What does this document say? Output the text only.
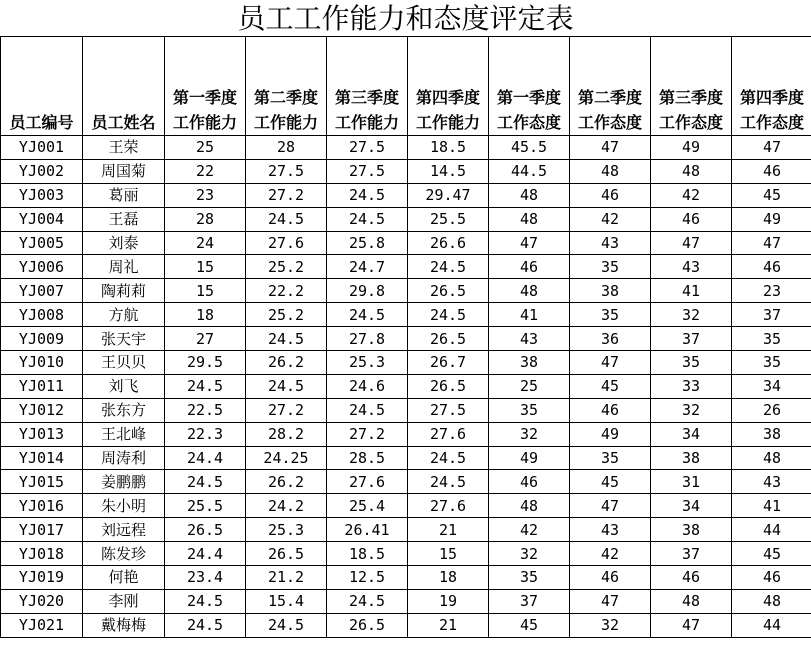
员工工作能力和态度评定表
员工编号	员工姓名	第一季度工作能力	第二季度工作能力	第三季度工作能力	第四季度工作能力	第一季度工作态度	第二季度工作态度	第三季度工作态度	第四季度工作态度

YJ001	王荣	25	28	27.5	18.5	45.5	47	49	47
YJ002	周国菊	22	27.5	27.5	14.5	44.5	48	48	46
YJ003	葛丽	23	27.2	24.5	29.47	48	46	42	45
YJ004	王磊	28	24.5	24.5	25.5	48	42	46	49
YJ005	刘泰	24	27.6	25.8	26.6	47	43	47	47
YJ006	周礼	15	25.2	24.7	24.5	46	35	43	46
YJ007	陶莉莉	15	22.2	29.8	26.5	48	38	41	23
YJ008	方航	18	25.2	24.5	24.5	41	35	32	37
YJ009	张天宇	27	24.5	27.8	26.5	43	36	37	35
YJ010	王贝贝	29.5	26.2	25.3	26.7	38	47	35	35
YJ011	刘飞	24.5	24.5	24.6	26.5	25	45	33	34
YJ012	张东方	22.5	27.2	24.5	27.5	35	46	32	26
YJ013	王北峰	22.3	28.2	27.2	27.6	32	49	34	38
YJ014	周涛利	24.4	24.25	28.5	24.5	49	35	38	48
YJ015	姜鹏鹏	24.5	26.2	27.6	24.5	46	45	31	43
YJ016	朱小明	25.5	24.2	25.4	27.6	48	47	34	41
YJ017	刘远程	26.5	25.3	26.41	21	42	43	38	44
YJ018	陈发珍	24.4	26.5	18.5	15	32	42	37	45
YJ019	何艳	23.4	21.2	12.5	18	35	46	46	46
YJ020	李刚	24.5	15.4	24.5	19	37	47	48	48
YJ021	戴梅梅	24.5	24.5	26.5	21	45	32	47	44
